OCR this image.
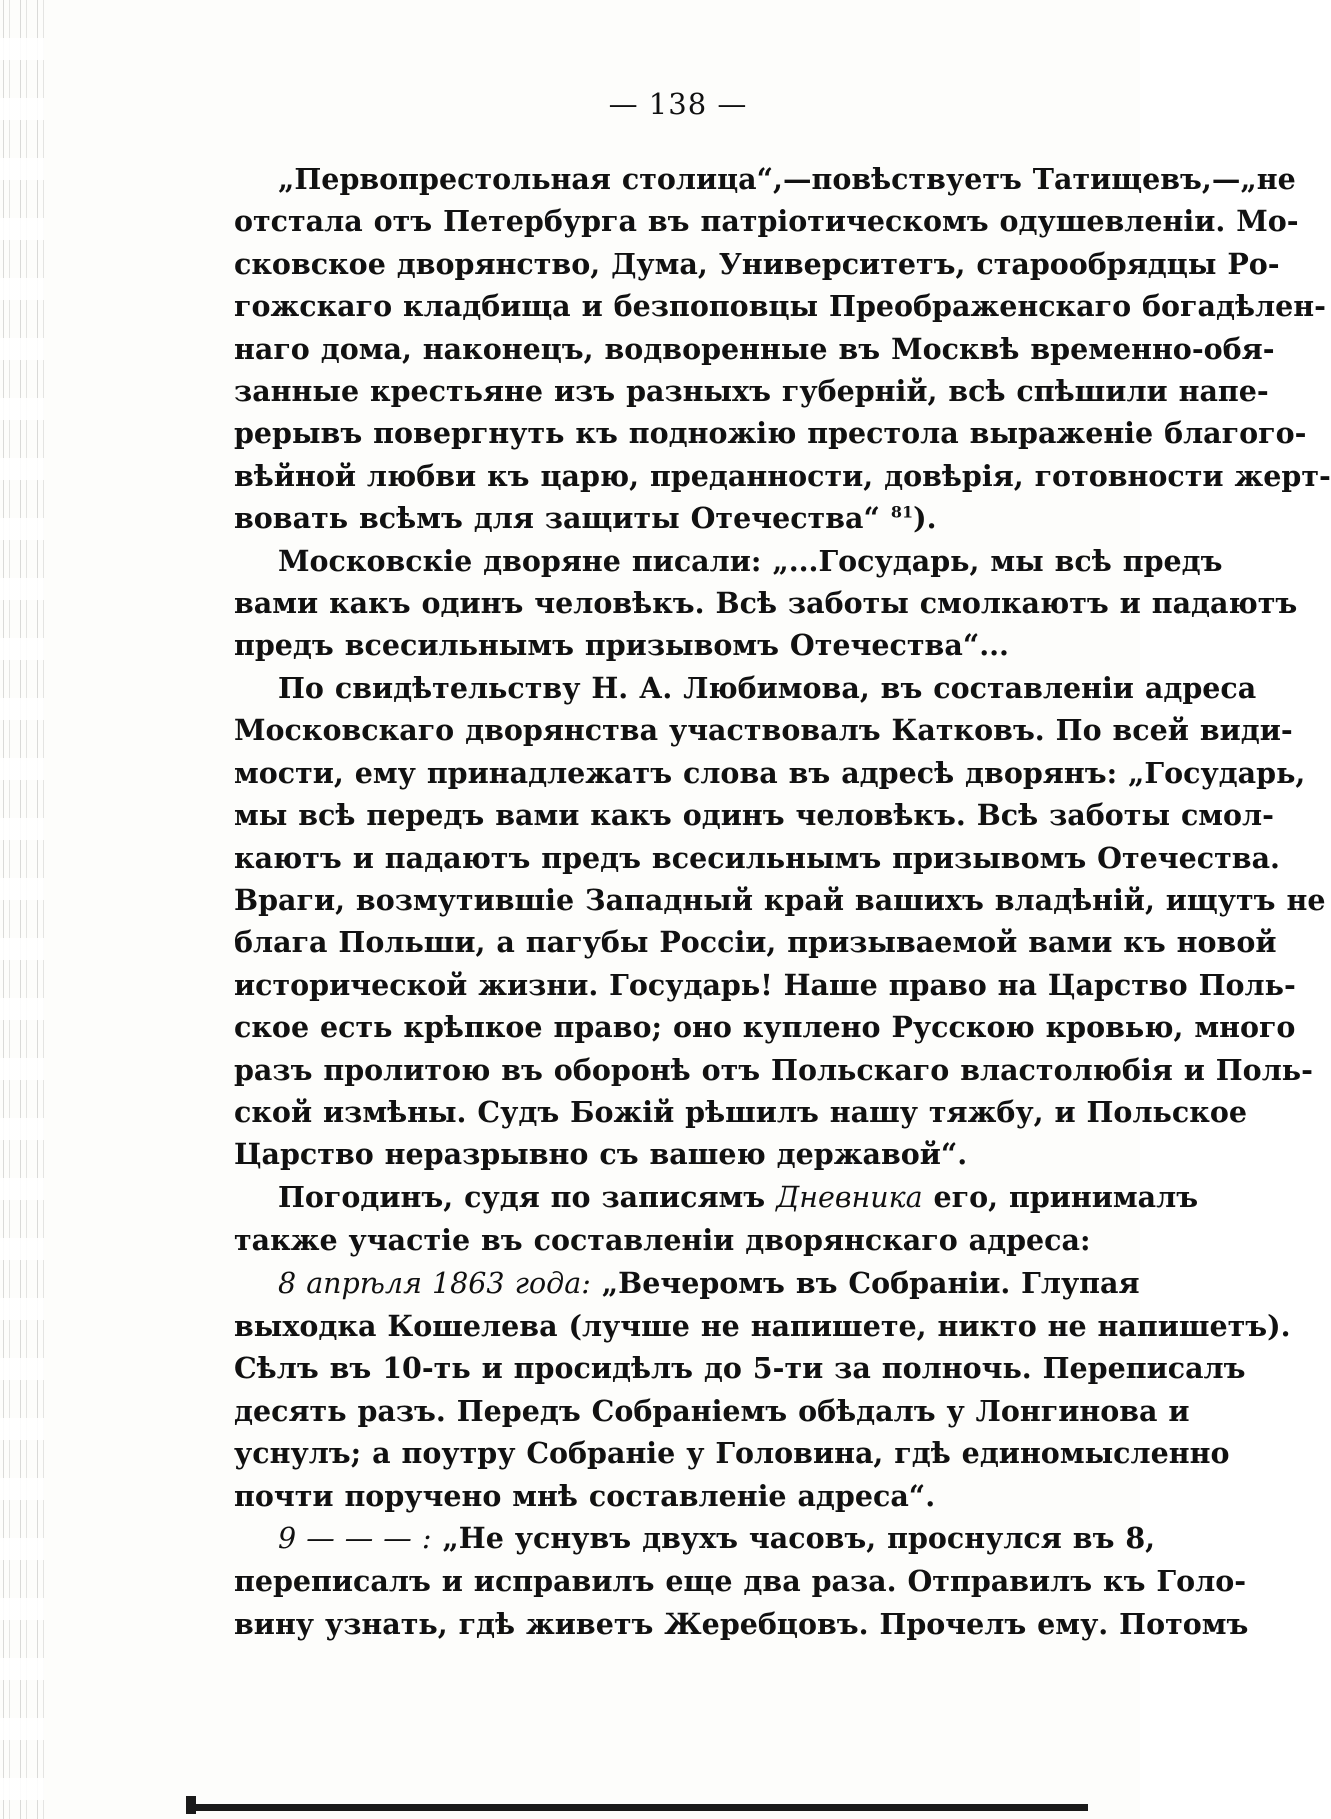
— 138 —
„Первопрестольная столица“,—повѣствуетъ Татищевъ,—„не
отстала отъ Петербурга въ патріотическомъ одушевленіи. Мо-
сковское дворянство, Дума, Университетъ, старообрядцы Ро-
гожскаго кладбища и безпоповцы Преображенскаго богадѣлен-
наго дома, наконецъ, водворенные въ Москвѣ временно-обя-
занные крестьяне изъ разныхъ губерній, всѣ спѣшили напе-
рерывъ повергнуть къ подножію престола выраженіе благого-
вѣйной любви къ царю, преданности, довѣрія, готовности жерт-
вовать всѣмъ для защиты Отечества“ $^{81}$).
Московскіе дворяне писали: „...Государь, мы всѣ предъ
вами какъ одинъ человѣкъ. Всѣ заботы смолкаютъ и падаютъ
предъ всесильнымъ призывомъ Отечества“...
По свидѣтельству Н. А. Любимова, въ составленіи адреса
Московскаго дворянства участвовалъ Катковъ. По всей види-
мости, ему принадлежатъ слова въ адресѣ дворянъ: „Государь,
мы всѣ передъ вами какъ одинъ человѣкъ. Всѣ заботы смол-
каютъ и падаютъ предъ всесильнымъ призывомъ Отечества.
Враги, возмутившіе Западный край вашихъ владѣній, ищутъ не
блага Польши, а пагубы Россіи, призываемой вами къ новой
исторической жизни. Государь! Наше право на Царство Поль-
ское есть крѣпкое право; оно куплено Русскою кровью, много
разъ пролитою въ оборонѣ отъ Польскаго властолюбія и Поль-
ской измѣны. Судъ Божій рѣшилъ нашу тяжбу, и Польское
Царство неразрывно съ вашею державой“.
Погодинъ, судя по записямъ Дневника его, принималъ
также участіе въ составленіи дворянскаго адреса:
8 апрѣля 1863 года: „Вечеромъ въ Собраніи. Глупая
выходка Кошелева (лучше не напишете, никто не напишетъ).
Сѣлъ въ 10-ть и просидѣлъ до 5-ти за полночь. Переписалъ
десять разъ. Передъ Собраніемъ обѣдалъ у Лонгинова и
уснулъ; а поутру Собраніе у Головина, гдѣ единомысленно
почти поручено мнѣ составленіе адреса“.
9 — — — : „Не уснувъ двухъ часовъ, проснулся въ 8,
переписалъ и исправилъ еще два раза. Отправилъ къ Голо-
вину узнать, гдѣ живетъ Жеребцовъ. Прочелъ ему. Потомъ
